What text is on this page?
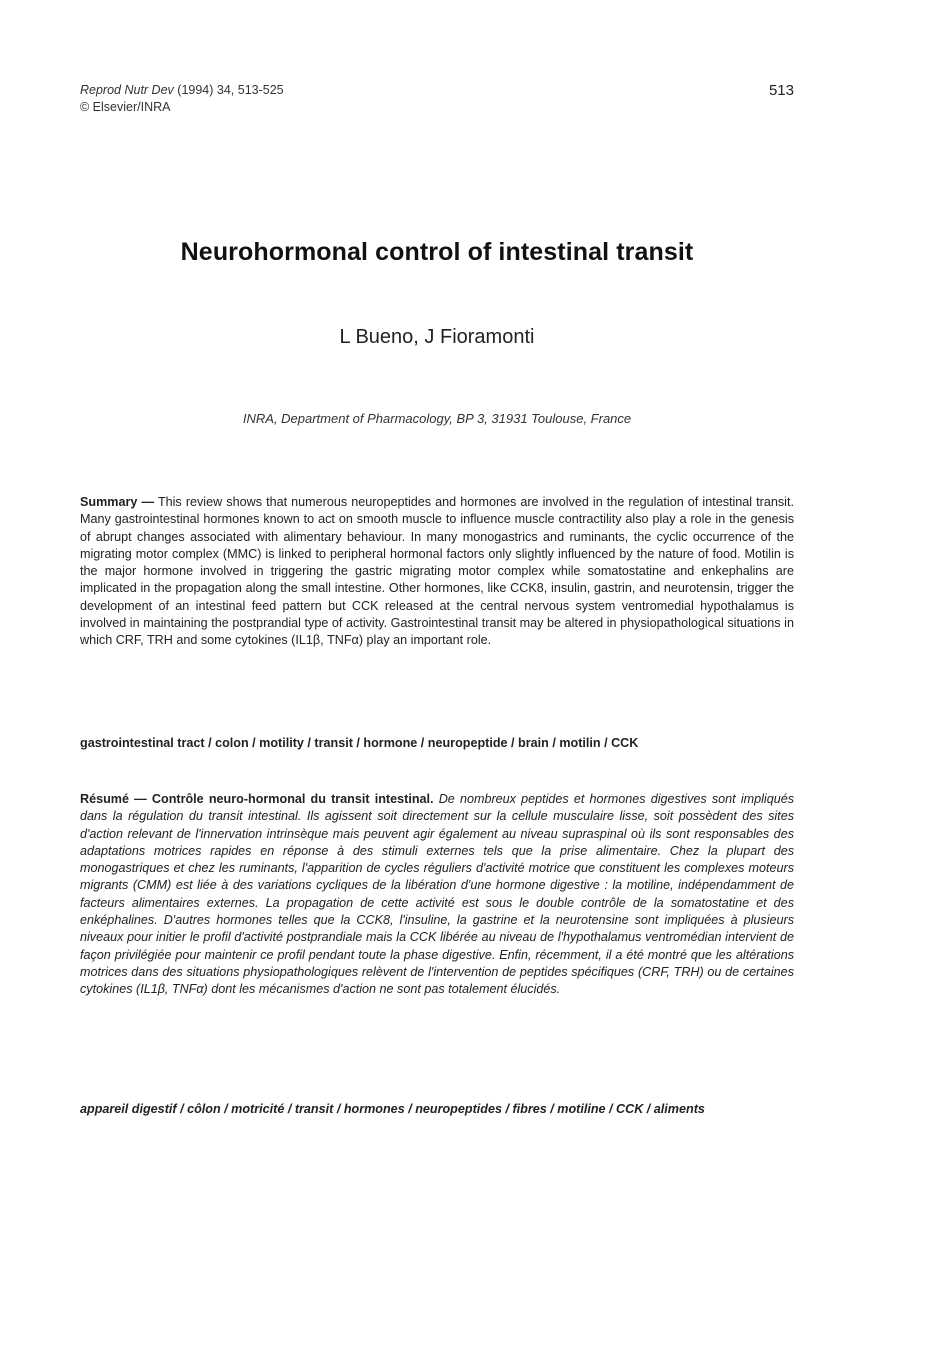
Reprod Nutr Dev (1994) 34, 513-525
© Elsevier/INRA
513
Neurohormonal control of intestinal transit
L Bueno, J Fioramonti
INRA, Department of Pharmacology, BP 3, 31931 Toulouse, France
Summary — This review shows that numerous neuropeptides and hormones are involved in the regulation of intestinal transit. Many gastrointestinal hormones known to act on smooth muscle to influence muscle contractility also play a role in the genesis of abrupt changes associated with alimentary behaviour. In many monogastrics and ruminants, the cyclic occurrence of the migrating motor complex (MMC) is linked to peripheral hormonal factors only slightly influenced by the nature of food. Motilin is the major hormone involved in triggering the gastric migrating motor complex while somatostatine and enkephalins are implicated in the propagation along the small intestine. Other hormones, like CCK8, insulin, gastrin, and neurotensin, trigger the development of an intestinal feed pattern but CCK released at the central nervous system ventromedial hypothalamus is involved in maintaining the postprandial type of activity. Gastrointestinal transit may be altered in physiopathological situations in which CRF, TRH and some cytokines (IL1β, TNFα) play an important role.
gastrointestinal tract / colon / motility / transit / hormone / neuropeptide / brain / motilin / CCK
Résumé — Contrôle neuro-hormonal du transit intestinal. De nombreux peptides et hormones digestives sont impliqués dans la régulation du transit intestinal. Ils agissent soit directement sur la cellule musculaire lisse, soit possèdent des sites d'action relevant de l'innervation intrinsèque mais peuvent agir également au niveau supraspinal où ils sont responsables des adaptations motrices rapides en réponse à des stimuli externes tels que la prise alimentaire. Chez la plupart des monogastriques et chez les ruminants, l'apparition de cycles réguliers d'activité motrice que constituent les complexes moteurs migrants (CMM) est liée à des variations cycliques de la libération d'une hormone digestive : la motiline, indépendamment de facteurs alimentaires externes. La propagation de cette activité est sous le double contrôle de la somatostatine et des enképhalines. D'autres hormones telles que la CCK8, l'insuline, la gastrine et la neurotensine sont impliquées à plusieurs niveaux pour initier le profil d'activité postprandiale mais la CCK libérée au niveau de l'hypothalamus ventromédian intervient de façon privilégiée pour maintenir ce profil pendant toute la phase digestive. Enfin, récemment, il a été montré que les altérations motrices dans des situations physiopathologiques relèvent de l'intervention de peptides spécifiques (CRF, TRH) ou de certaines cytokines (IL1β, TNFα) dont les mécanismes d'action ne sont pas totalement élucidés.
appareil digestif / côlon / motricité / transit / hormones / neuropeptides / fibres / motiline / CCK / aliments
